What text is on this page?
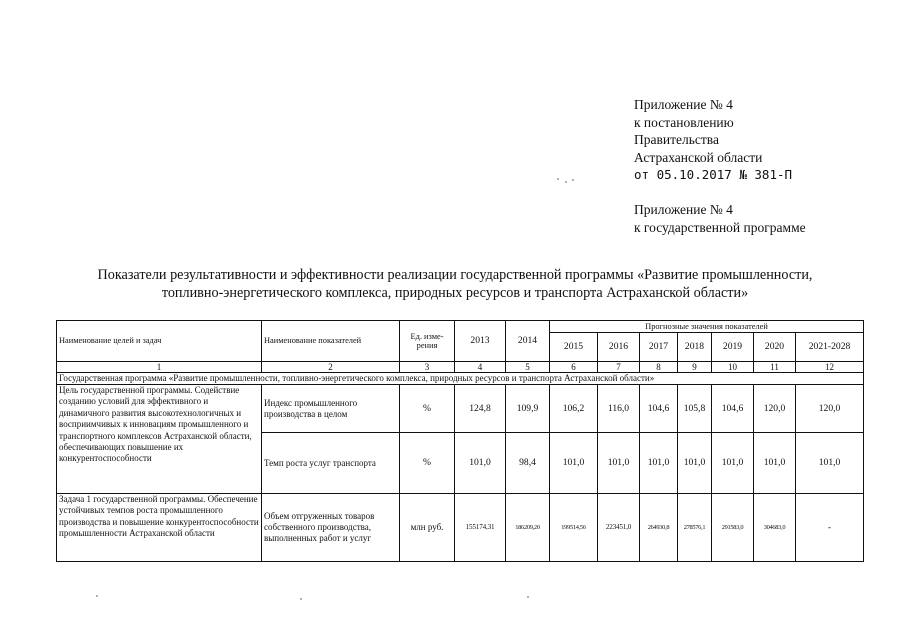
Приложение № 4
к постановлению
Правительства
Астраханской области
от 05.10.2017 № 381-П
Приложение № 4
к государственной программе
Показатели результативности и эффективности реализации государственной программы «Развитие промышленности,
топливно-энергетического комплекса, природных ресурсов и транспорта Астраханской области»
Наименование целей и задач	Наименование показателей	Ед. изме-рения	2013	2014	Прогнозные значения показателей						
					2015	2016	2017	2018	2019	2020	2021-2028
1	2	3	4	5	6	7	8	9	10	11	12
Государственная программа «Развитие промышленности, топливно-энергетического комплекса, природных ресурсов и транспорта Астраханской области»											
Цель государственной программы. Содействие созданию условий для эффективного и динамичного развития высокотехнологичных и восприимчивых к инновациям промышленного и транспортного комплексов Астраханской области, обеспечивающих повышение их конкурентоспособности	Индекс промышленного производства в целом	%	124,8	109,9	106,2	116,0	104,6	105,8	104,6	120,0	120,0
	Темп роста услуг транспорта	%	101,0	98,4	101,0	101,0	101,0	101,0	101,0	101,0	101,0
Задача 1 государственной программы. Обеспечение устойчивых темпов роста промышленного производства и повышение конкурентоспособности промышленности Астраханской области	Объем отгруженных товаров собственного производства, выполненных работ и услуг	млн руб.	155174,31	186209,20	199514,56	223451,0	264930,8	278576,1	291583,0	304683,0	-
